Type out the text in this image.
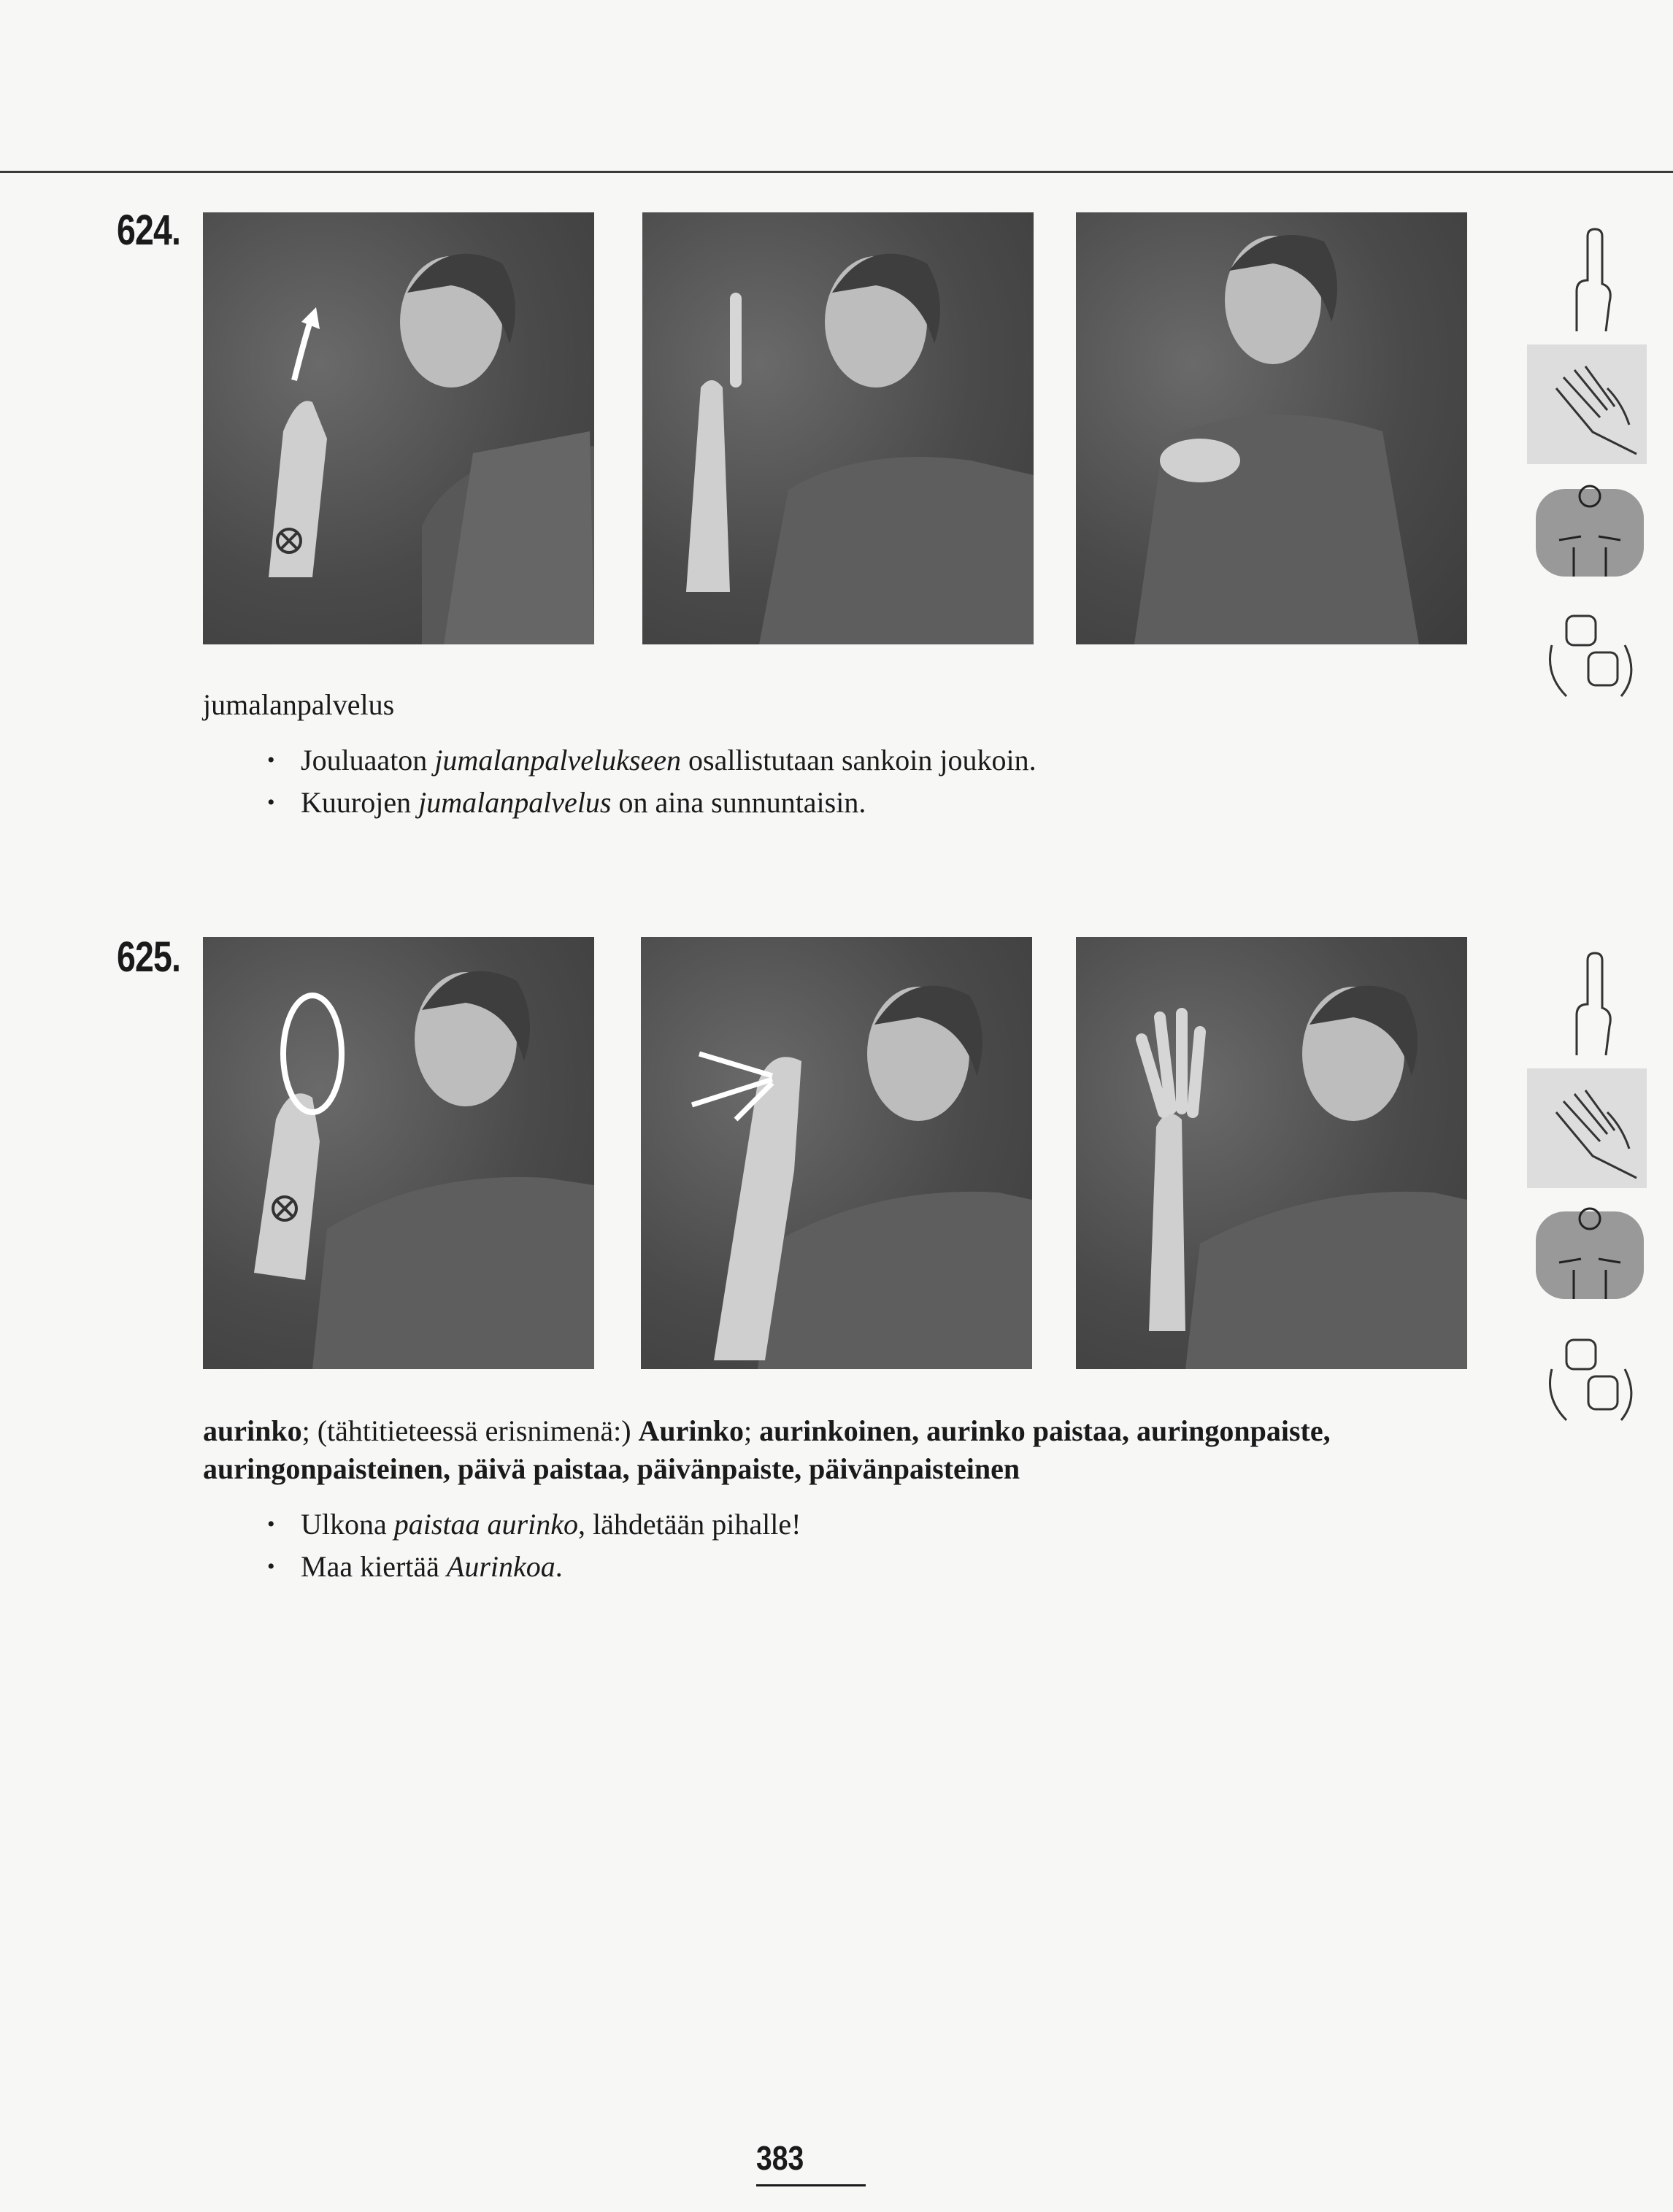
624.
jumalanpalvelus
• Jouluaaton jumalanpalvelukseen osallistutaan sankoin joukoin.
• Kuurojen jumalanpalvelus on aina sunnuntaisin.
625.
aurinko; (tähtitieteessä erisnimenä:) Aurinko; aurinkoinen, aurinko paistaa, auringonpaiste, auringonpaisteinen, päivä paistaa, päivänpaiste, päivänpaisteinen
• Ulkona paistaa aurinko, lähdetään pihalle!
• Maa kiertää Aurinkoa.
383
